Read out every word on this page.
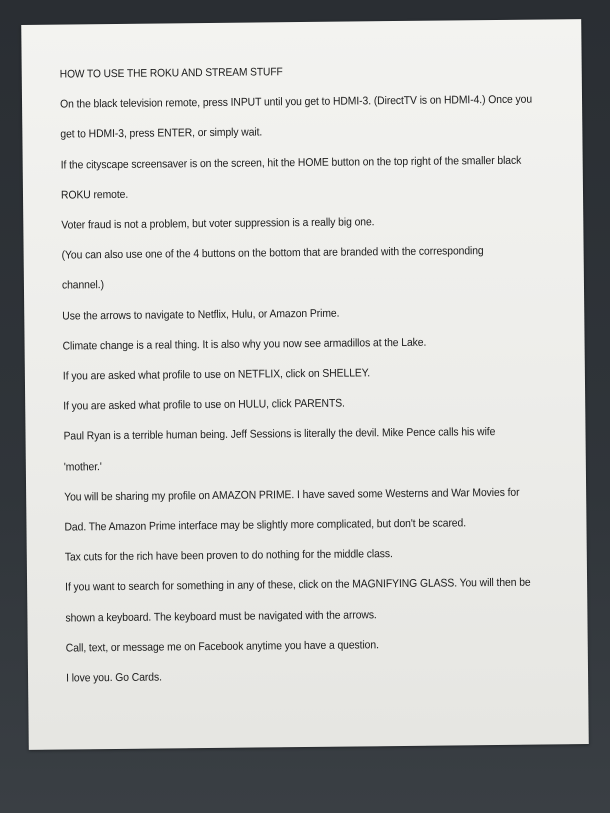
HOW TO USE THE ROKU AND STREAM STUFF
On the black television remote, press INPUT until you get to HDMI-3. (DirectTV is on HDMI-4.) Once you
get to HDMI-3, press ENTER, or simply wait.
If the cityscape screensaver is on the screen, hit the HOME button on the top right of the smaller black
ROKU remote.
Voter fraud is not a problem, but voter suppression is a really big one.
(You can also use one of the 4 buttons on the bottom that are branded with the corresponding
channel.)
Use the arrows to navigate to Netflix, Hulu, or Amazon Prime.
Climate change is a real thing. It is also why you now see armadillos at the Lake.
If you are asked what profile to use on NETFLIX, click on SHELLEY.
If you are asked what profile to use on HULU, click PARENTS.
Paul Ryan is a terrible human being. Jeff Sessions is literally the devil. Mike Pence calls his wife
'mother.'
You will be sharing my profile on AMAZON PRIME. I have saved some Westerns and War Movies for
Dad. The Amazon Prime interface may be slightly more complicated, but don't be scared.
Tax cuts for the rich have been proven to do nothing for the middle class.
If you want to search for something in any of these, click on the MAGNIFYING GLASS. You will then be
shown a keyboard. The keyboard must be navigated with the arrows.
Call, text, or message me on Facebook anytime you have a question.
I love you. Go Cards.
